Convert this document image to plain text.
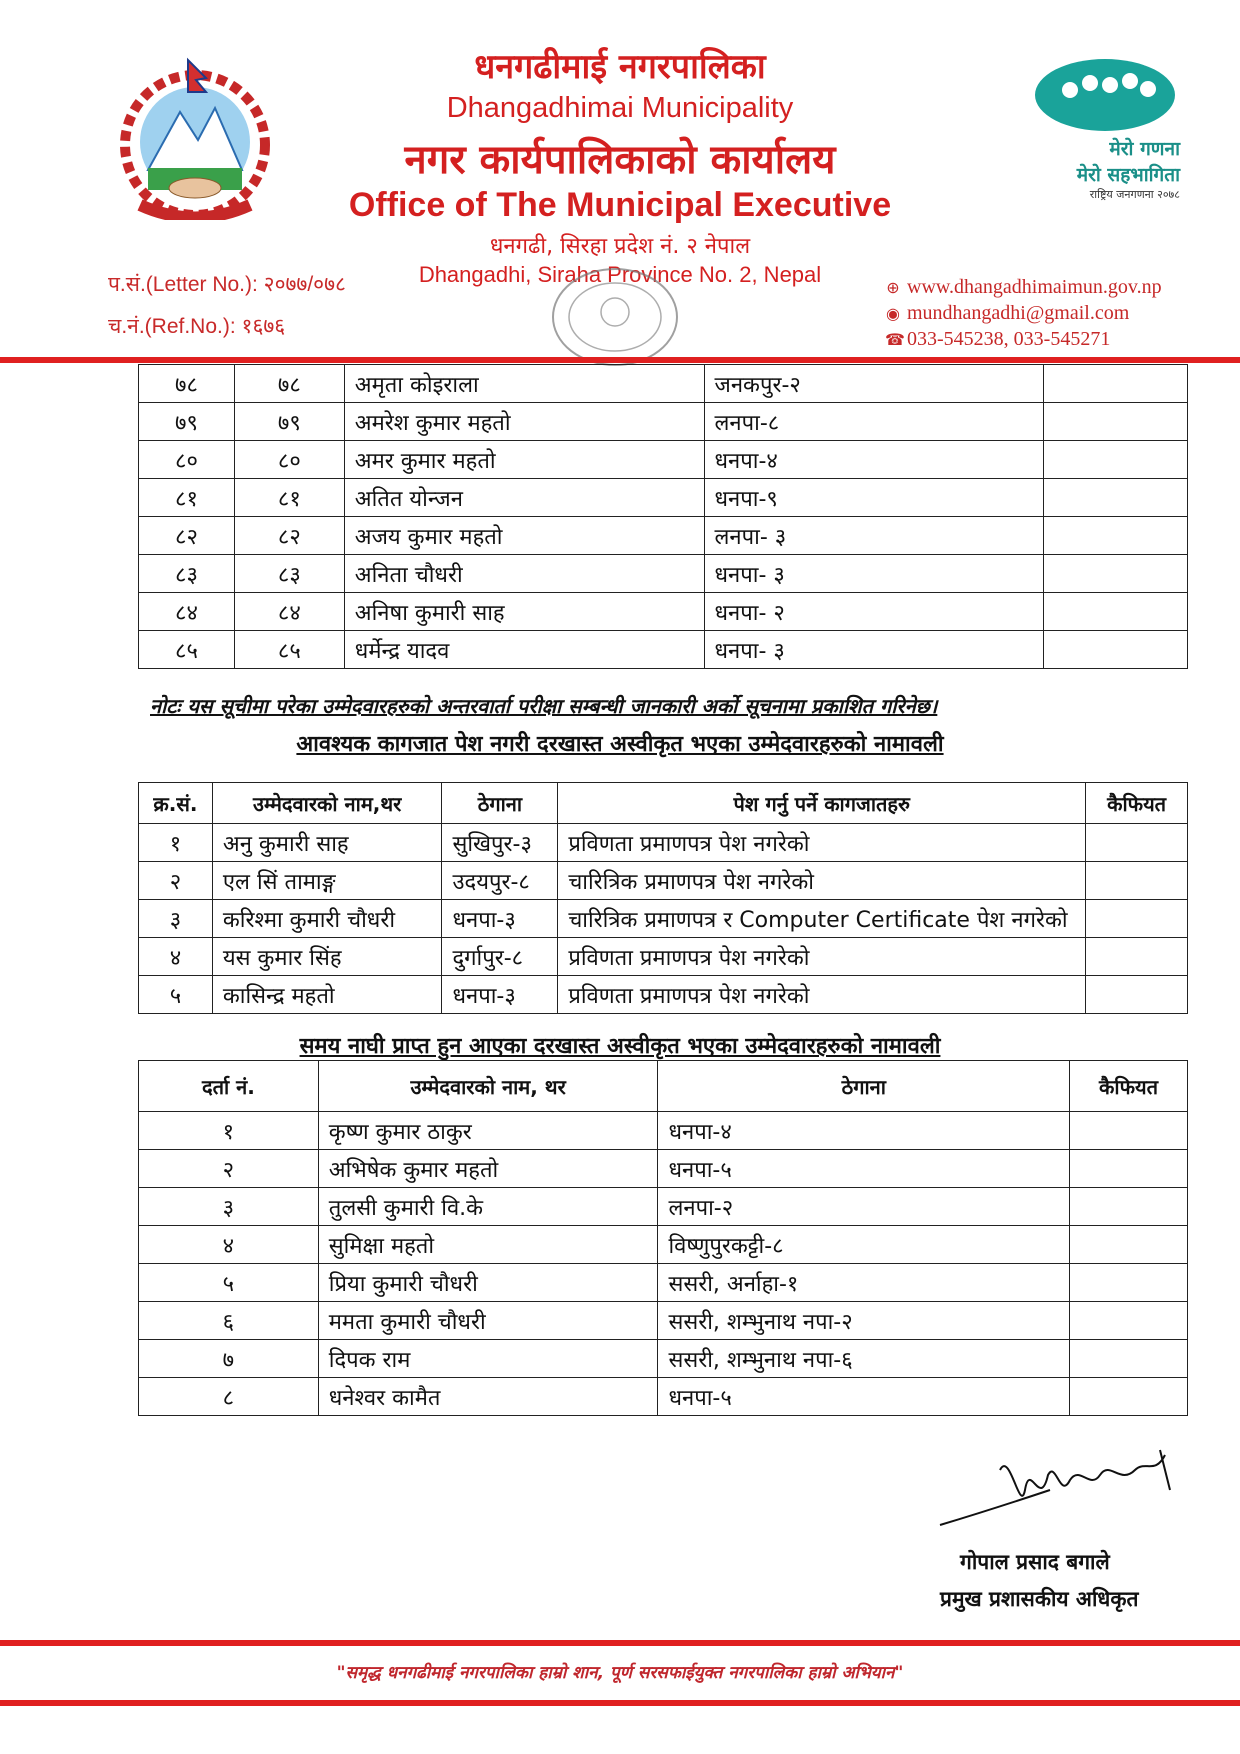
मेरो गणना
मेरो सहभागिता
राष्ट्रिय जनगणना २०७८
धनगढीमाई नगरपालिका
Dhangadhimai Municipality
नगर कार्यपालिकाको कार्यालय
Office of The Municipal Executive
धनगढी, सिरहा प्रदेश नं. २ नेपाल
Dhangadhi, Siraha Province No. 2, Nepal
प.सं.(Letter No.): २०७७/०७८
च.नं.(Ref.No.): १६७६
⊕ www.dhangadhimaimun.gov.np
◉ mundhangadhi@gmail.com
☎ 033-545238, 033-545271
७८	७८	अमृता कोइराला	जनकपुर-२	
७९	७९	अमरेश कुमार महतो	लनपा-८	
८०	८०	अमर कुमार महतो	धनपा-४	
८१	८१	अतित योन्जन	धनपा-९	
८२	८२	अजय कुमार महतो	लनपा- ३	
८३	८३	अनिता चौधरी	धनपा- ३	
८४	८४	अनिषा कुमारी साह	धनपा- २	
८५	८५	धर्मेन्द्र यादव	धनपा- ३	
नोटः यस सूचीमा परेका उम्मेदवारहरुको अन्तरवार्ता परीक्षा सम्बन्धी जानकारी अर्को सूचनामा प्रकाशित गरिनेछ।
आवश्यक कागजात पेश नगरी दरखास्त अस्वीकृत भएका उम्मेदवारहरुको नामावली
क्र.सं.	उम्मेदवारको नाम,थर	ठेगाना	पेश गर्नु पर्ने कागजातहरु	कैफियत
१	अनु कुमारी साह	सुखिपुर-३	प्रविणता प्रमाणपत्र पेश नगरेको	
२	एल सिं तामाङ्ग	उदयपुर-८	चारित्रिक प्रमाणपत्र पेश नगरेको	
३	करिश्मा कुमारी चौधरी	धनपा-३	चारित्रिक प्रमाणपत्र र Computer Certificate पेश नगरेको	
४	यस कुमार सिंह	दुर्गापुर-८	प्रविणता प्रमाणपत्र पेश नगरेको	
५	कासिन्द्र महतो	धनपा-३	प्रविणता प्रमाणपत्र पेश नगरेको	
समय नाघी प्राप्त हुन आएका दरखास्त अस्वीकृत भएका उम्मेदवारहरुको नामावली
दर्ता नं.	उम्मेदवारको नाम, थर	ठेगाना	कैफियत
१	कृष्ण कुमार ठाकुर	धनपा-४	
२	अभिषेक कुमार महतो	धनपा-५	
३	तुलसी कुमारी वि.के	लनपा-२	
४	सुमिक्षा महतो	विष्णुपुरकट्टी-८	
५	प्रिया कुमारी चौधरी	ससरी, अर्नाहा-१	
६	ममता कुमारी चौधरी	ससरी, शम्भुनाथ नपा-२	
७	दिपक राम	ससरी, शम्भुनाथ नपा-६	
८	धनेश्वर कामैत	धनपा-५	
गोपाल प्रसाद बगाले
प्रमुख प्रशासकीय अधिकृत
"समृद्ध धनगढीमाई नगरपालिका हाम्रो शान, पूर्ण सरसफाईयुक्त नगरपालिका हाम्रो अभियान"
